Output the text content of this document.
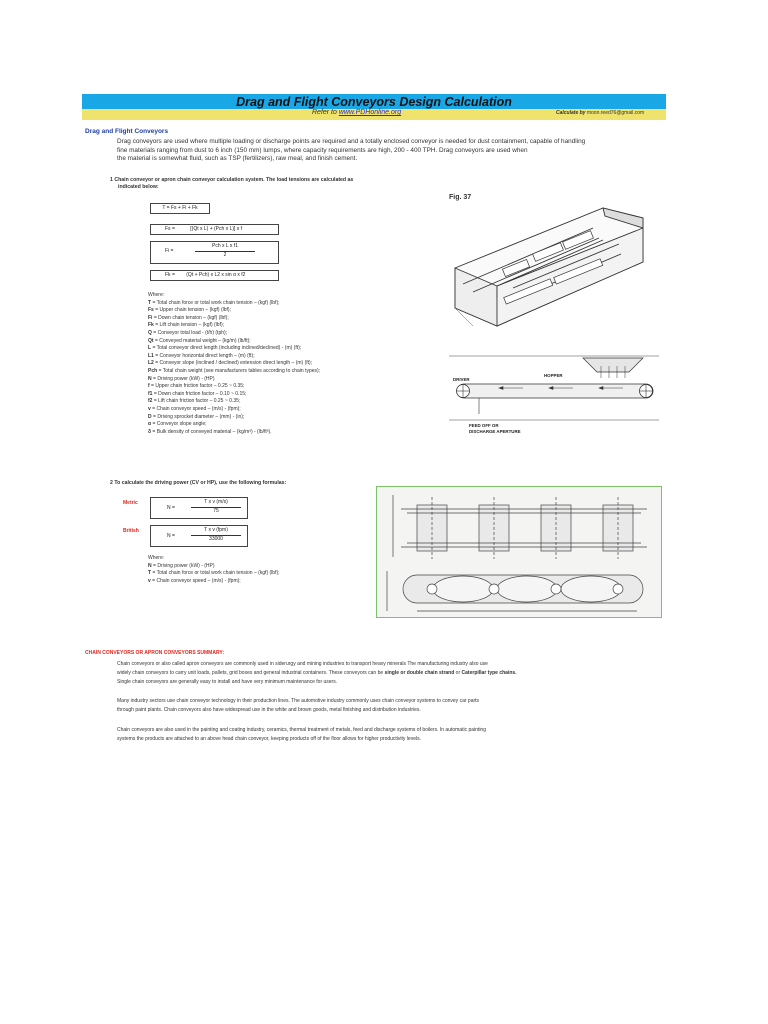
Drag and Flight Conveyors Design Calculation
Refer to www.PDHonline.org	Calculate by moon.reed76@gmail.com
Drag and Flight Conveyors
Drag conveyors are used where multiple loading or discharge points are required and a totally enclosed conveyor is needed for dust containment, capable of handling
fine materials ranging from dust to 6 inch (150 mm) lumps, where capacity requirements are high, 200 - 400 TPH. Drag conveyors are used when
the material is somewhat fluid, such as TSP (fertilizers), raw meal, and finish cement.
1 Chain conveyor or apron chain conveyor calculation system. The load tensions are calculated as
indicated below:
T = Fs + Fi + Fk
Fs =	[(Qt x L) + (Pch x L)] x f
Fi =
Pch x L x f1
2
Fk = (Qt + Pch) x L2 x sin α x f2
Where:
T = Total chain force or total work chain tension – (kgf) (lbf);
Fs = Upper chain tension – (kgf) (lbf);
Fi = Down chain tension – (kgf) (lbf);
Fk = Lift chain tension – (kgf) (lbf);
Q = Conveyor total load - (t/h) (tph);
Qt = Conveyed material weight – (kg/m) (lb/ft);
L = Total conveyor direct length (including inclined/declined) - (m) (ft);
L1 = Conveyor horizontal direct length – (m) (ft);
L2 = Conveyor slope (inclined / declined) extension direct length – (m) (ft);
Pch = Total chain weight (see manufacturers tables according to chain types);
N = Driving power (kW) - (HP)
f = Upper chain friction factor – 0.25 ~ 0.35;
f1 = Down chain friction factor – 0.10 ~ 0.15;
f2 = Lift chain friction factor – 0.25 ~ 0.35;
v = Chain conveyor speed – (m/s) - (fpm);
D = Driving sprocket diameter – (mm) - (in);
α = Conveyor slope angle;
δ = Bulk density of conveyed material – (kg/m³) - (lb/ft³).
Fig. 37
HOPPER
DRIVER
FEED OFF OR
DISCHARGE APERTURE
2 To calculate the driving power (CV or HP), use the following formulas:
Metric
N =
T x v (m/s)
75
British
N =
T x v (fpm)
33000
Where:
N = Driving power (kW) - (HP)
T = Total chain force or total work chain tension – (kgf) (lbf);
v = Chain conveyor speed – (m/s) - (fpm);
CHAIN CONVEYORS OR APRON CONVEYORS SUMMARY:
Chain conveyors or also called apron conveyors are commonly used in siderurgy and mining industries to transport heavy minerals The manufacturing industry also use
widely chain conveyors to carry unit loads, pallets, grid boxes and general industrial containers. These conveyors can be single or double chain strand or Caterpillar type chains.
Single chain conveyors are generally easy to install and have very minimum maintenance for users.
Many industry sectors use chain conveyor technology in their production lines. The automotive industry commonly uses chain conveyor systems to convey car parts
through paint plants. Chain conveyors also have widespread use in the white and brown goods, metal finishing and distribution industries.
Chain conveyors are also used in the painting and coating industry, ceramics, thermal treatment of metals, feed and discharge systems of boilers. In automatic painting
systems the products are attached to an above head chain conveyor, keeping products off of the floor allows for higher productivity levels.
